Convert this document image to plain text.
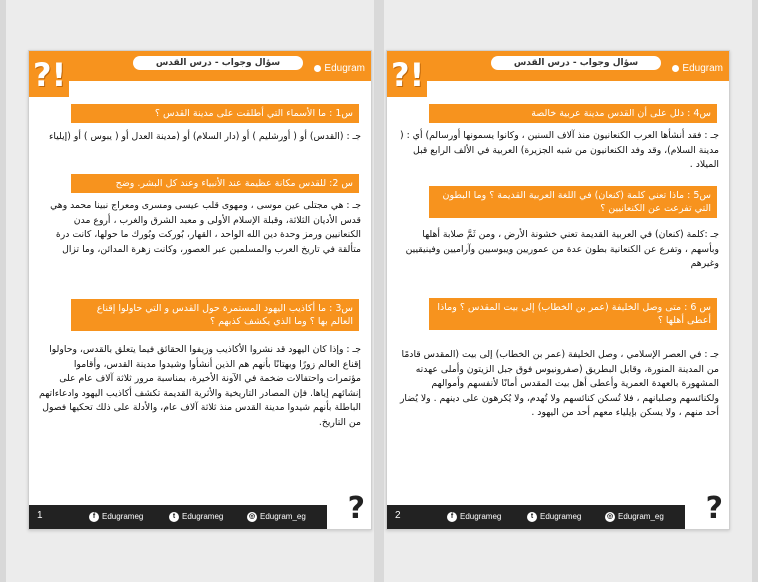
?!	سؤال وجواب - درس القدس	Edugram
س1 : ما الأسماء التي أطلقت على مدينة القدس ؟
جـ : (القدس) أو ( أورشليم ) أو (دار السلام) أو (مدينة العدل أو ( يبوس ) أو (إيلياء
س 2: للقدس مكانة عظيمة عند الأنبياء وعند كل البشر. وضح
جـ : هي مجتلى عين موسى ، ومهوى قلب عيسى ومسرى ومعراج نبينا محمد وهي قدس الأديان الثلاثة، وقبلة الإسلام الأولى و معبد الشرق والغرب ، أروع مدن الكنعانيين ورمز وحدة دين الله الواحد ، القهار، بُوركت وبُورك ما حولها، كانت درة متألقة في تاريخ العرب والمسلمين عبر العصور، وكانت زهرة المدائن، وما تزال
س3 : ما أكاذيب اليهود المستمرة حول القدس و التي حاولوا إقناع العالم بها ؟ وما الذي يكشف كذبهم ؟
جـ : وإذا كان اليهود قد نشروا الأكاذيب وزيفوا الحقائق فيما يتعلق بالقدس، وحاولوا إقناع العالم زورًا وبهتانًا بأنهم هم الذين أنشأوا وشيدوا مدينة القدس، وأقاموا مؤتمرات واحتفالات ضخمة في الآونة الأخيرة، بمناسبة مرور ثلاثة آلاف عام على إنشائهم إياها. فإن المصادر التاريخية والأثرية القديمة تكشف أكاذيب اليهود وادعاءاتهم الباطلة بأنهم شيدوا مدينة القدس منذ ثلاثة آلاف عام، والأدلة على ذلك تحكيها فصول من التاريخ.
1	f Edugrameg	t Edugrameg	◎ Edugram_eg ?
?!	سؤال وجواب - درس القدس	Edugram
س4 : دلل على أن القدس مدينة عربية خالصة
جـ : فقد أنشأها العرب الكنعانيون منذ آلاف السنين ، وكانوا يسمونها أورسالم) أي : ( مدينة السلام)، وقد وفد الكنعانيون من شبه الجزيرة) العربية في الألف الرابع قبل الميلاد .
س5 : ماذا تعني كلمة (كنعان) في اللغة العربية القديمة ؟ وما البطون التي تفرعت عن الكنعانيين ؟
جـ :كلمة (كنعان) في العربية القديمة تعني خشونة الأرض ، ومن ثَمَّ صلابة أهلها وبأسهم ، وتفرع عن الكنعانية بطون عدة من عموريين ويبوسيين وآراميين وفينيقيين وغيرهم
س 6 : متى وصل الخليفة (عمر بن الخطاب) إلى بيت المقدس ؟ وماذا أعطى أهلها ؟
جـ : في العصر الإسلامي ، وصل الخليفة (عمر بن الخطاب) إلى بيت (المقدس قادمًا من المدينة المنورة، وقابل البطريق (صفرونيوس فوق جبل الزيتون وأملى عهدته المشهورة بالعهدة العمرية وأعطى أهل بيت المقدس أمانًا لأنفسهم وأموالهم ولكنائسهم وصلبانهم ، فلا تُسكن كنائسهم ولا تُهدم، ولا يُكرهون على دينهم . ولا يُضار أحد منهم ، ولا يسكن بإيلياء معهم أحد من اليهود .
2	f Edugrameg	t Edugrameg	◎ Edugram_eg ?
